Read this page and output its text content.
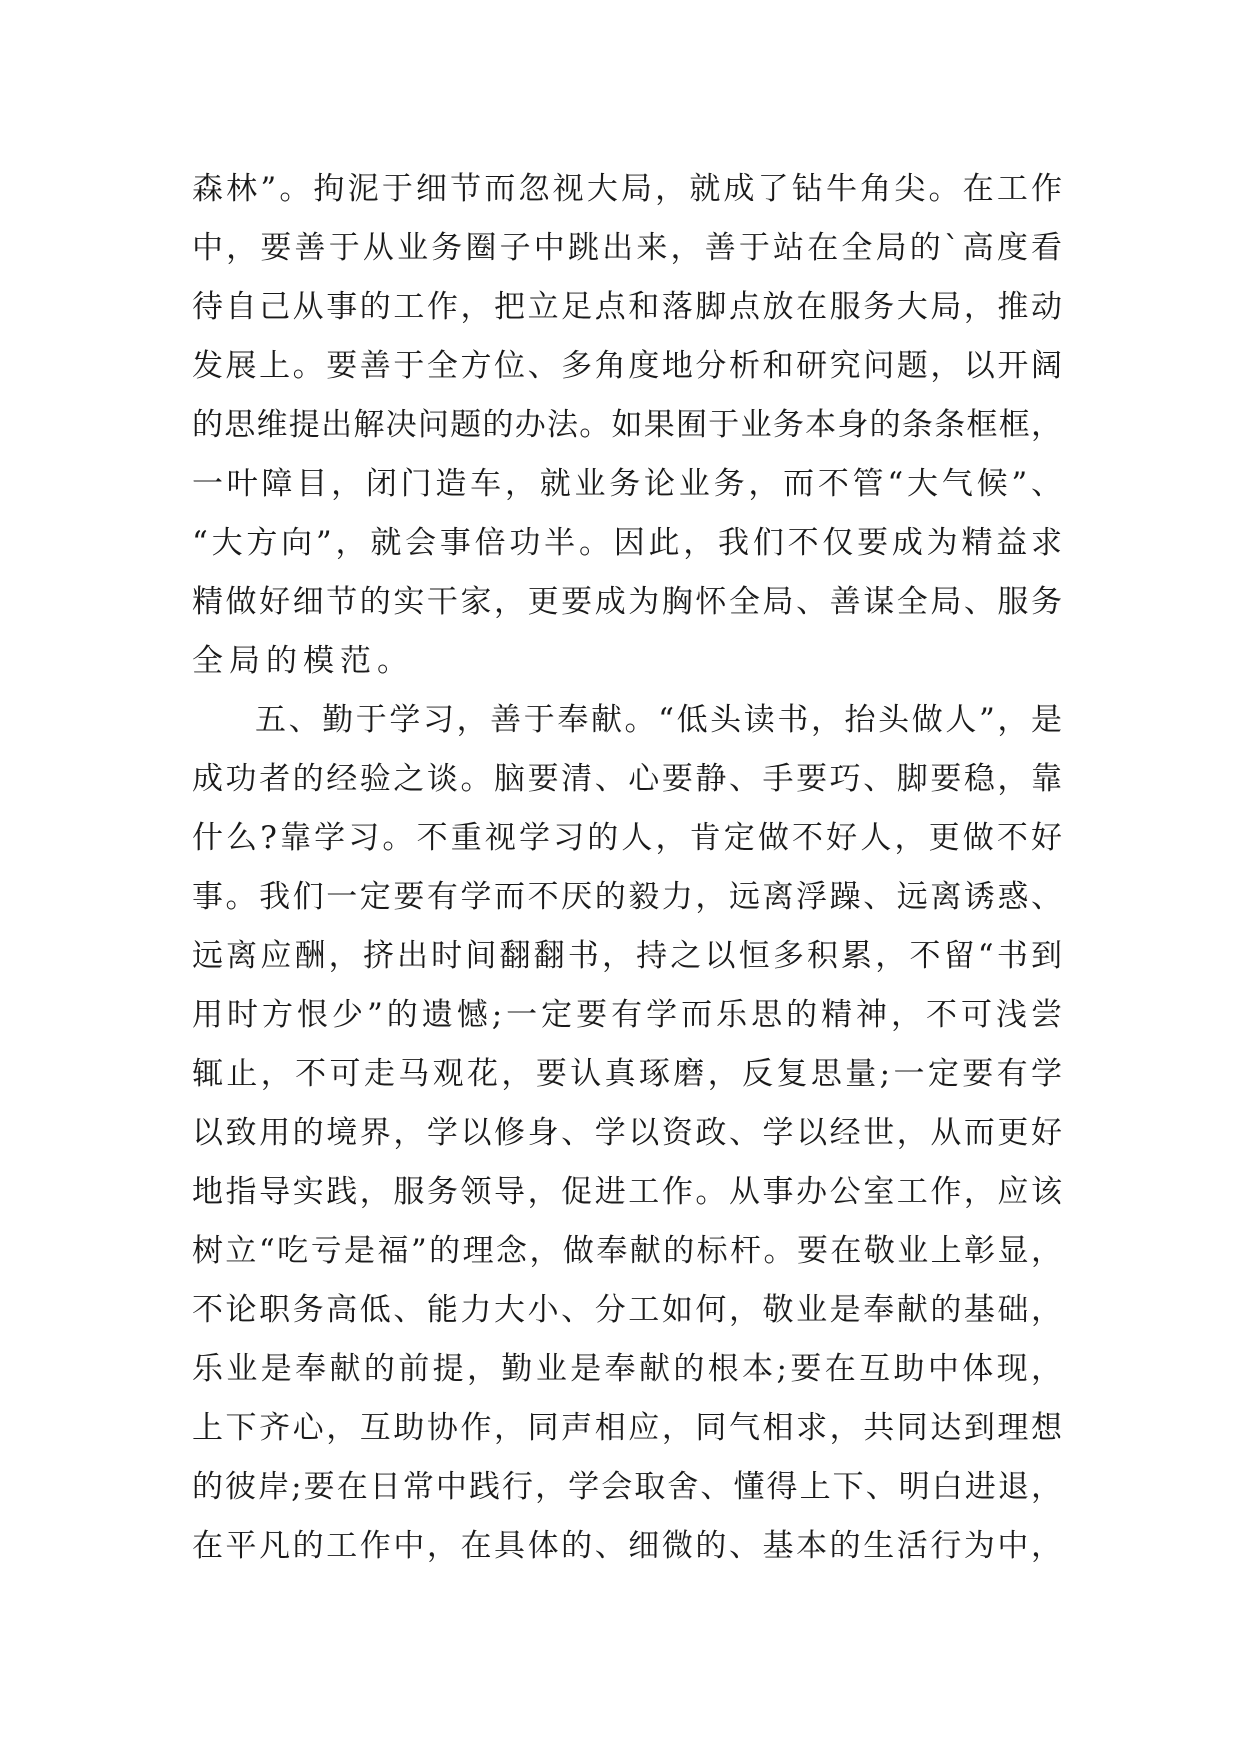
森林”。拘泥于细节而忽视大局，就成了钻牛角尖。在工作
中，要善于从业务圈子中跳出来，善于站在全局的`高度看
待自己从事的工作，把立足点和落脚点放在服务大局，推动
发展上。要善于全方位、多角度地分析和研究问题，以开阔
的思维提出解决问题的办法。如果囿于业务本身的条条框框，
一叶障目，闭门造车，就业务论业务，而不管“大气候”、
“大方向”，就会事倍功半。因此，我们不仅要成为精益求
精做好细节的实干家，更要成为胸怀全局、善谋全局、服务
全局的模范。
五、勤于学习，善于奉献。“低头读书，抬头做人”，是
成功者的经验之谈。脑要清、心要静、手要巧、脚要稳，靠
什么?靠学习。不重视学习的人，肯定做不好人，更做不好
事。我们一定要有学而不厌的毅力，远离浮躁、远离诱惑、
远离应酬，挤出时间翻翻书，持之以恒多积累，不留“书到
用时方恨少”的遗憾;一定要有学而乐思的精神，不可浅尝
辄止，不可走马观花，要认真琢磨，反复思量;一定要有学
以致用的境界，学以修身、学以资政、学以经世，从而更好
地指导实践，服务领导，促进工作。从事办公室工作，应该
树立“吃亏是福”的理念，做奉献的标杆。要在敬业上彰显，
不论职务高低、能力大小、分工如何，敬业是奉献的基础，
乐业是奉献的前提，勤业是奉献的根本;要在互助中体现，
上下齐心，互助协作，同声相应，同气相求，共同达到理想
的彼岸;要在日常中践行，学会取舍、懂得上下、明白进退，
在平凡的工作中，在具体的、细微的、基本的生活行为中，
